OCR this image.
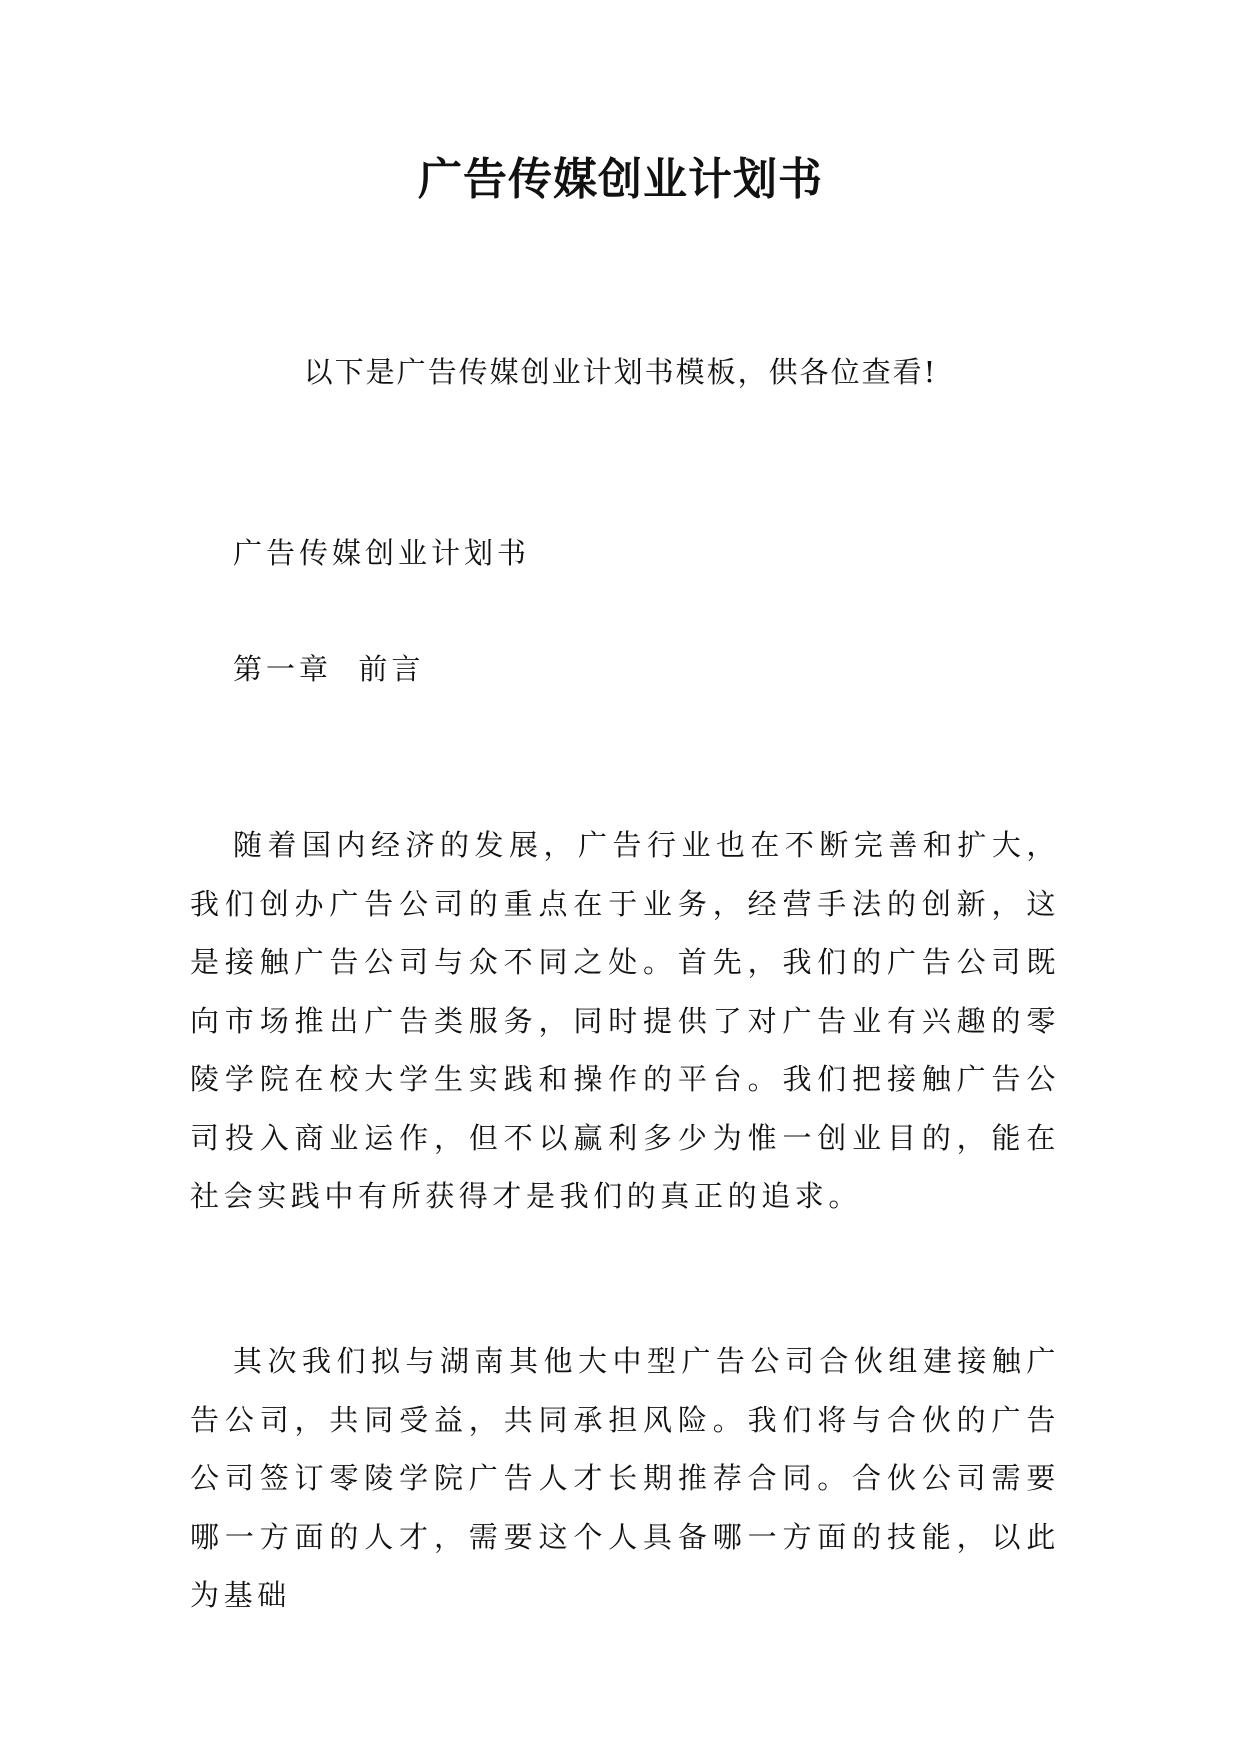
广告传媒创业计划书

以下是广告传媒创业计划书模板，供各位查看!

广告传媒创业计划书

第一章  前言

随着国内经济的发展，广告行业也在不断完善和扩大，我们创办广告公司的重点在于业务，经营手法的创新，这是接触广告公司与众不同之处。首先，我们的广告公司既向市场推出广告类服务，同时提供了对广告业有兴趣的零陵学院在校大学生实践和操作的平台。我们把接触广告公司投入商业运作，但不以赢利多少为惟一创业目的，能在社会实践中有所获得才是我们的真正的追求。

其次我们拟与湖南其他大中型广告公司合伙组建接触广告公司，共同受益，共同承担风险。我们将与合伙的广告公司签订零陵学院广告人才长期推荐合同。合伙公司需要哪一方面的人才，需要这个人具备哪一方面的技能，以此为基础
